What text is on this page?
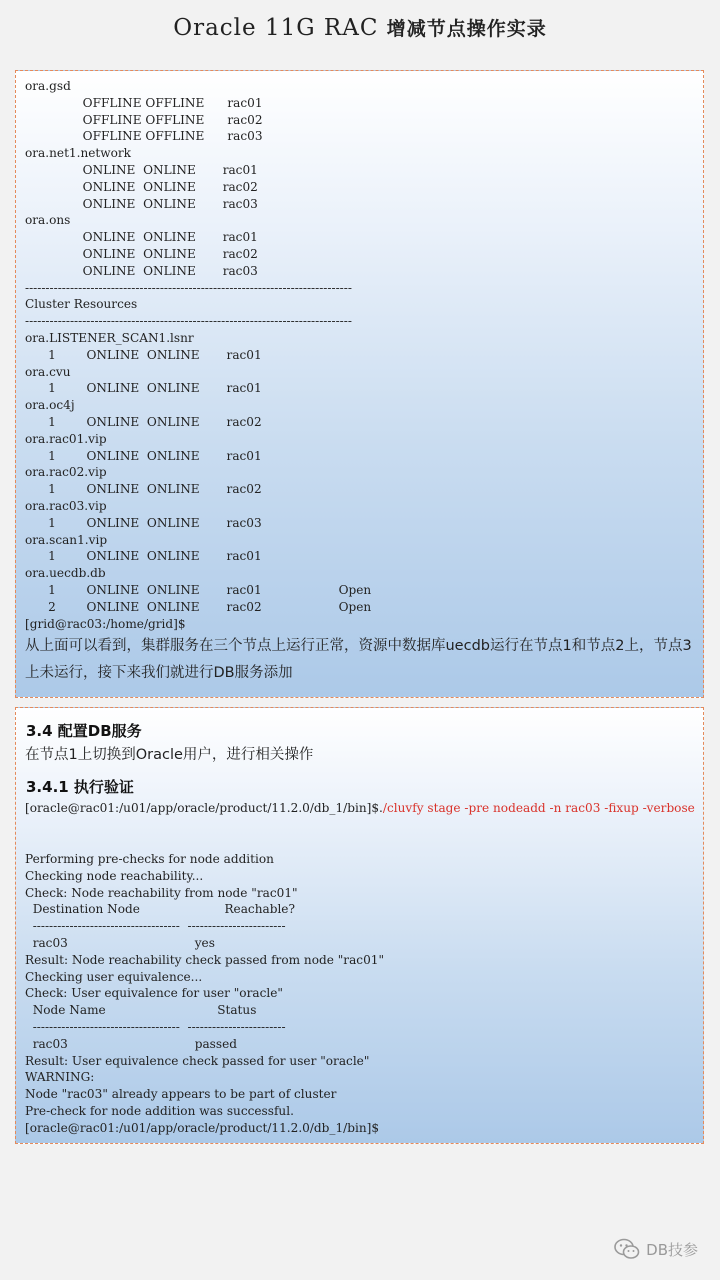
Oracle 11G RAC 增减节点操作实录
ora.gsd
OFFLINE OFFLINE      rac01
OFFLINE OFFLINE      rac02
OFFLINE OFFLINE      rac03
ora.net1.network
ONLINE  ONLINE       rac01
ONLINE  ONLINE       rac02
ONLINE  ONLINE       rac03
ora.ons
ONLINE  ONLINE       rac01
ONLINE  ONLINE       rac02
ONLINE  ONLINE       rac03
--------------------------------------------------------------------------------
Cluster Resources
--------------------------------------------------------------------------------
ora.LISTENER_SCAN1.lsnr
1        ONLINE  ONLINE       rac01
ora.cvu
1        ONLINE  ONLINE       rac01
ora.oc4j
1        ONLINE  ONLINE       rac02
ora.rac01.vip
1        ONLINE  ONLINE       rac01
ora.rac02.vip
1        ONLINE  ONLINE       rac02
ora.rac03.vip
1        ONLINE  ONLINE       rac03
ora.scan1.vip
1        ONLINE  ONLINE       rac01
ora.uecdb.db
1        ONLINE  ONLINE       rac01                    Open
2        ONLINE  ONLINE       rac02                    Open
[grid@rac03:/home/grid]$
从上面可以看到，集群服务在三个节点上运行正常，资源中数据库uecdb运行在节点1和节点2上，节点3上未运行，接下来我们就进行DB服务添加
3.4 配置DB服务
在节点1上切换到Oracle用户，进行相关操作
3.4.1 执行验证
[oracle@rac01:/u01/app/oracle/product/11.2.0/db_1/bin]$./cluvfy stage -pre nodeadd -n rac03 -fixup -verbose
Performing pre-checks for node addition
Checking node reachability...
Check: Node reachability from node "rac01"
Destination Node                      Reachable?
------------------------------------  ------------------------
rac03                                 yes
Result: Node reachability check passed from node "rac01"
Checking user equivalence...
Check: User equivalence for user "oracle"
Node Name                             Status
------------------------------------  ------------------------
rac03                                 passed
Result: User equivalence check passed for user "oracle"
WARNING:
Node "rac03" already appears to be part of cluster
Pre-check for node addition was successful.
[oracle@rac01:/u01/app/oracle/product/11.2.0/db_1/bin]$
DB技参
